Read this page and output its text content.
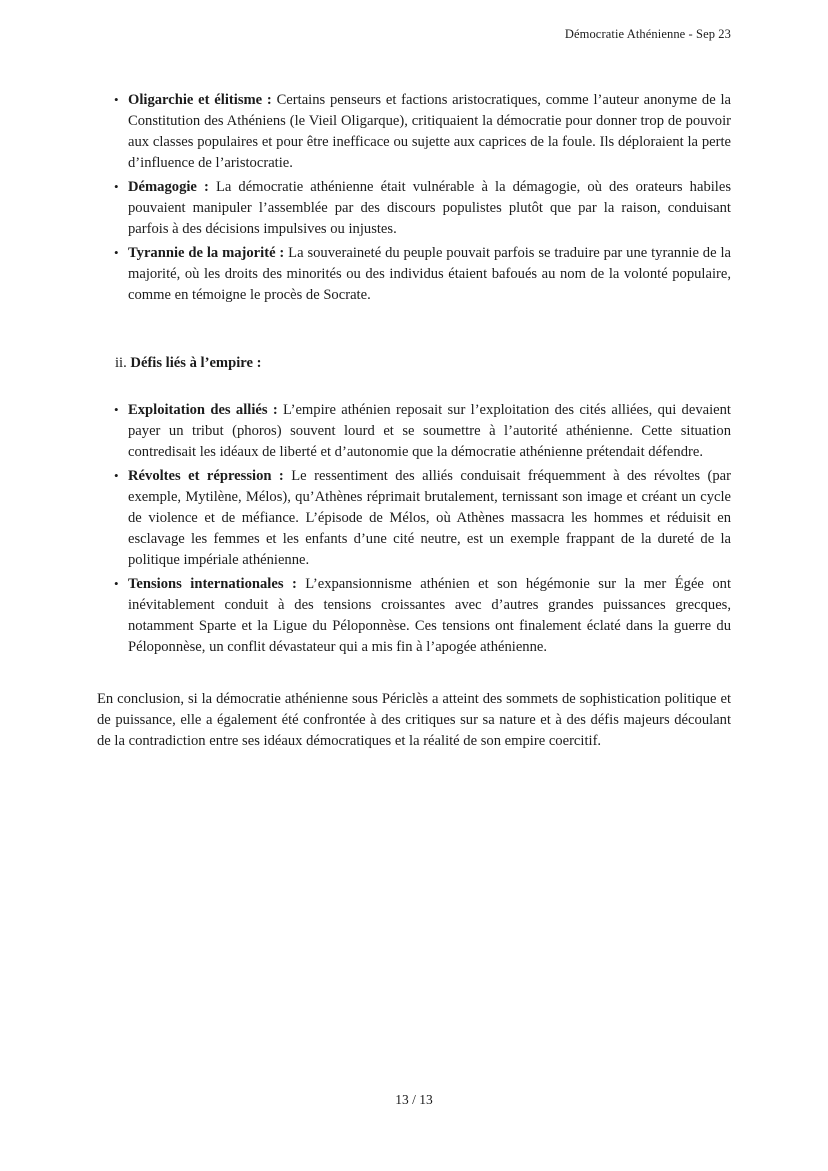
Démocratie Athénienne - Sep 23
• Oligarchie et élitisme : Certains penseurs et factions aristocratiques, comme l’auteur anonyme de la Constitution des Athéniens (le Vieil Oligarque), critiquaient la démocratie pour donner trop de pouvoir aux classes populaires et pour être inefficace ou sujette aux caprices de la foule. Ils déploraient la perte d’influence de l’aristocratie.
• Démagogie : La démocratie athénienne était vulnérable à la démagogie, où des orateurs habiles pouvaient manipuler l’assemblée par des discours populistes plutôt que par la raison, conduisant parfois à des décisions impulsives ou injustes.
• Tyrannie de la majorité : La souveraineté du peuple pouvait parfois se traduire par une tyrannie de la majorité, où les droits des minorités ou des individus étaient bafoués au nom de la volonté populaire, comme en témoigne le procès de Socrate.

ii. Défis liés à l’empire :

• Exploitation des alliés : L’empire athénien reposait sur l’exploitation des cités alliées, qui devaient payer un tribut (phoros) souvent lourd et se soumettre à l’autorité athénienne. Cette situation contredisait les idéaux de liberté et d’autonomie que la démocratie athénienne prétendait défendre.
• Révoltes et répression : Le ressentiment des alliés conduisait fréquemment à des révoltes (par exemple, Mytilène, Mélos), qu’Athènes réprimait brutalement, ternissant son image et créant un cycle de violence et de méfiance. L’épisode de Mélos, où Athènes massacra les hommes et réduisit en esclavage les femmes et les enfants d’une cité neutre, est un exemple frappant de la dureté de la politique impériale athénienne.
• Tensions internationales : L’expansionnisme athénien et son hégémonie sur la mer Égée ont inévitablement conduit à des tensions croissantes avec d’autres grandes puissances grecques, notamment Sparte et la Ligue du Péloponnèse. Ces tensions ont finalement éclaté dans la guerre du Péloponnèse, un conflit dévastateur qui a mis fin à l’apogée athénienne.

En conclusion, si la démocratie athénienne sous Périclès a atteint des sommets de sophistication politique et de puissance, elle a également été confrontée à des critiques sur sa nature et à des défis majeurs découlant de la contradiction entre ses idéaux démocratiques et la réalité de son empire coercitif.

13 / 13
